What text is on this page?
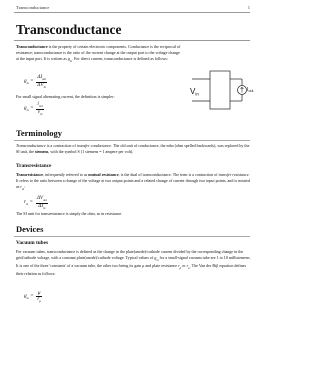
Transconductance	1
Transconductance

Transconductance is the property of certain electronic components. Conductance is the reciprocal of resistance; transconductance is the ratio of the current change at the output port to the voltage change at the input port. It is written as $g_m$. For direct current, transconductance is defined as follows:

$g_m = \frac{\Delta I_{out}}{\Delta V_{in}}$

For small signal alternating current, the definition is simpler:

$g_m = \frac{i_{out}}{v_{in}}$
Vin
Iout
Terminology

Transconductance is a contraction of transfer conductance. The old unit of conductance, the mho (ohm spelled backwards), was replaced by the SI unit, the siemens, with the symbol S (1 siemens = 1 ampere per volt).

Transresistance

Transresistance, infrequently referred to as mutual resistance, is the dual of transconductance. The term is a contraction of transfer resistance. It refers to the ratio between a change of the voltage at two output points and a related change of current through two input points, and is notated as $r_m$:

$r_m = \frac{\Delta V_{out}}{\Delta I_{in}}$

The SI unit for transresistance is simply the ohm, as in resistance.

Devices
Vacuum tubes

For vacuum tubes, transconductance is defined as the change in the plate(anode)/cathode current divided by the corresponding change in the grid/cathode voltage, with a constant plate(anode)/cathode voltage. Typical values of $g_m$ for a small-signal vacuum tube are 1 to 10 millisiemens. It is one of the three 'constants' of a vacuum tube, the other two being its gain μ and plate resistance $r_p$ or $r_a$. The Van der Bijl equation defines their relation as follows:

$g_m = \frac{\mu}{r_p}$
